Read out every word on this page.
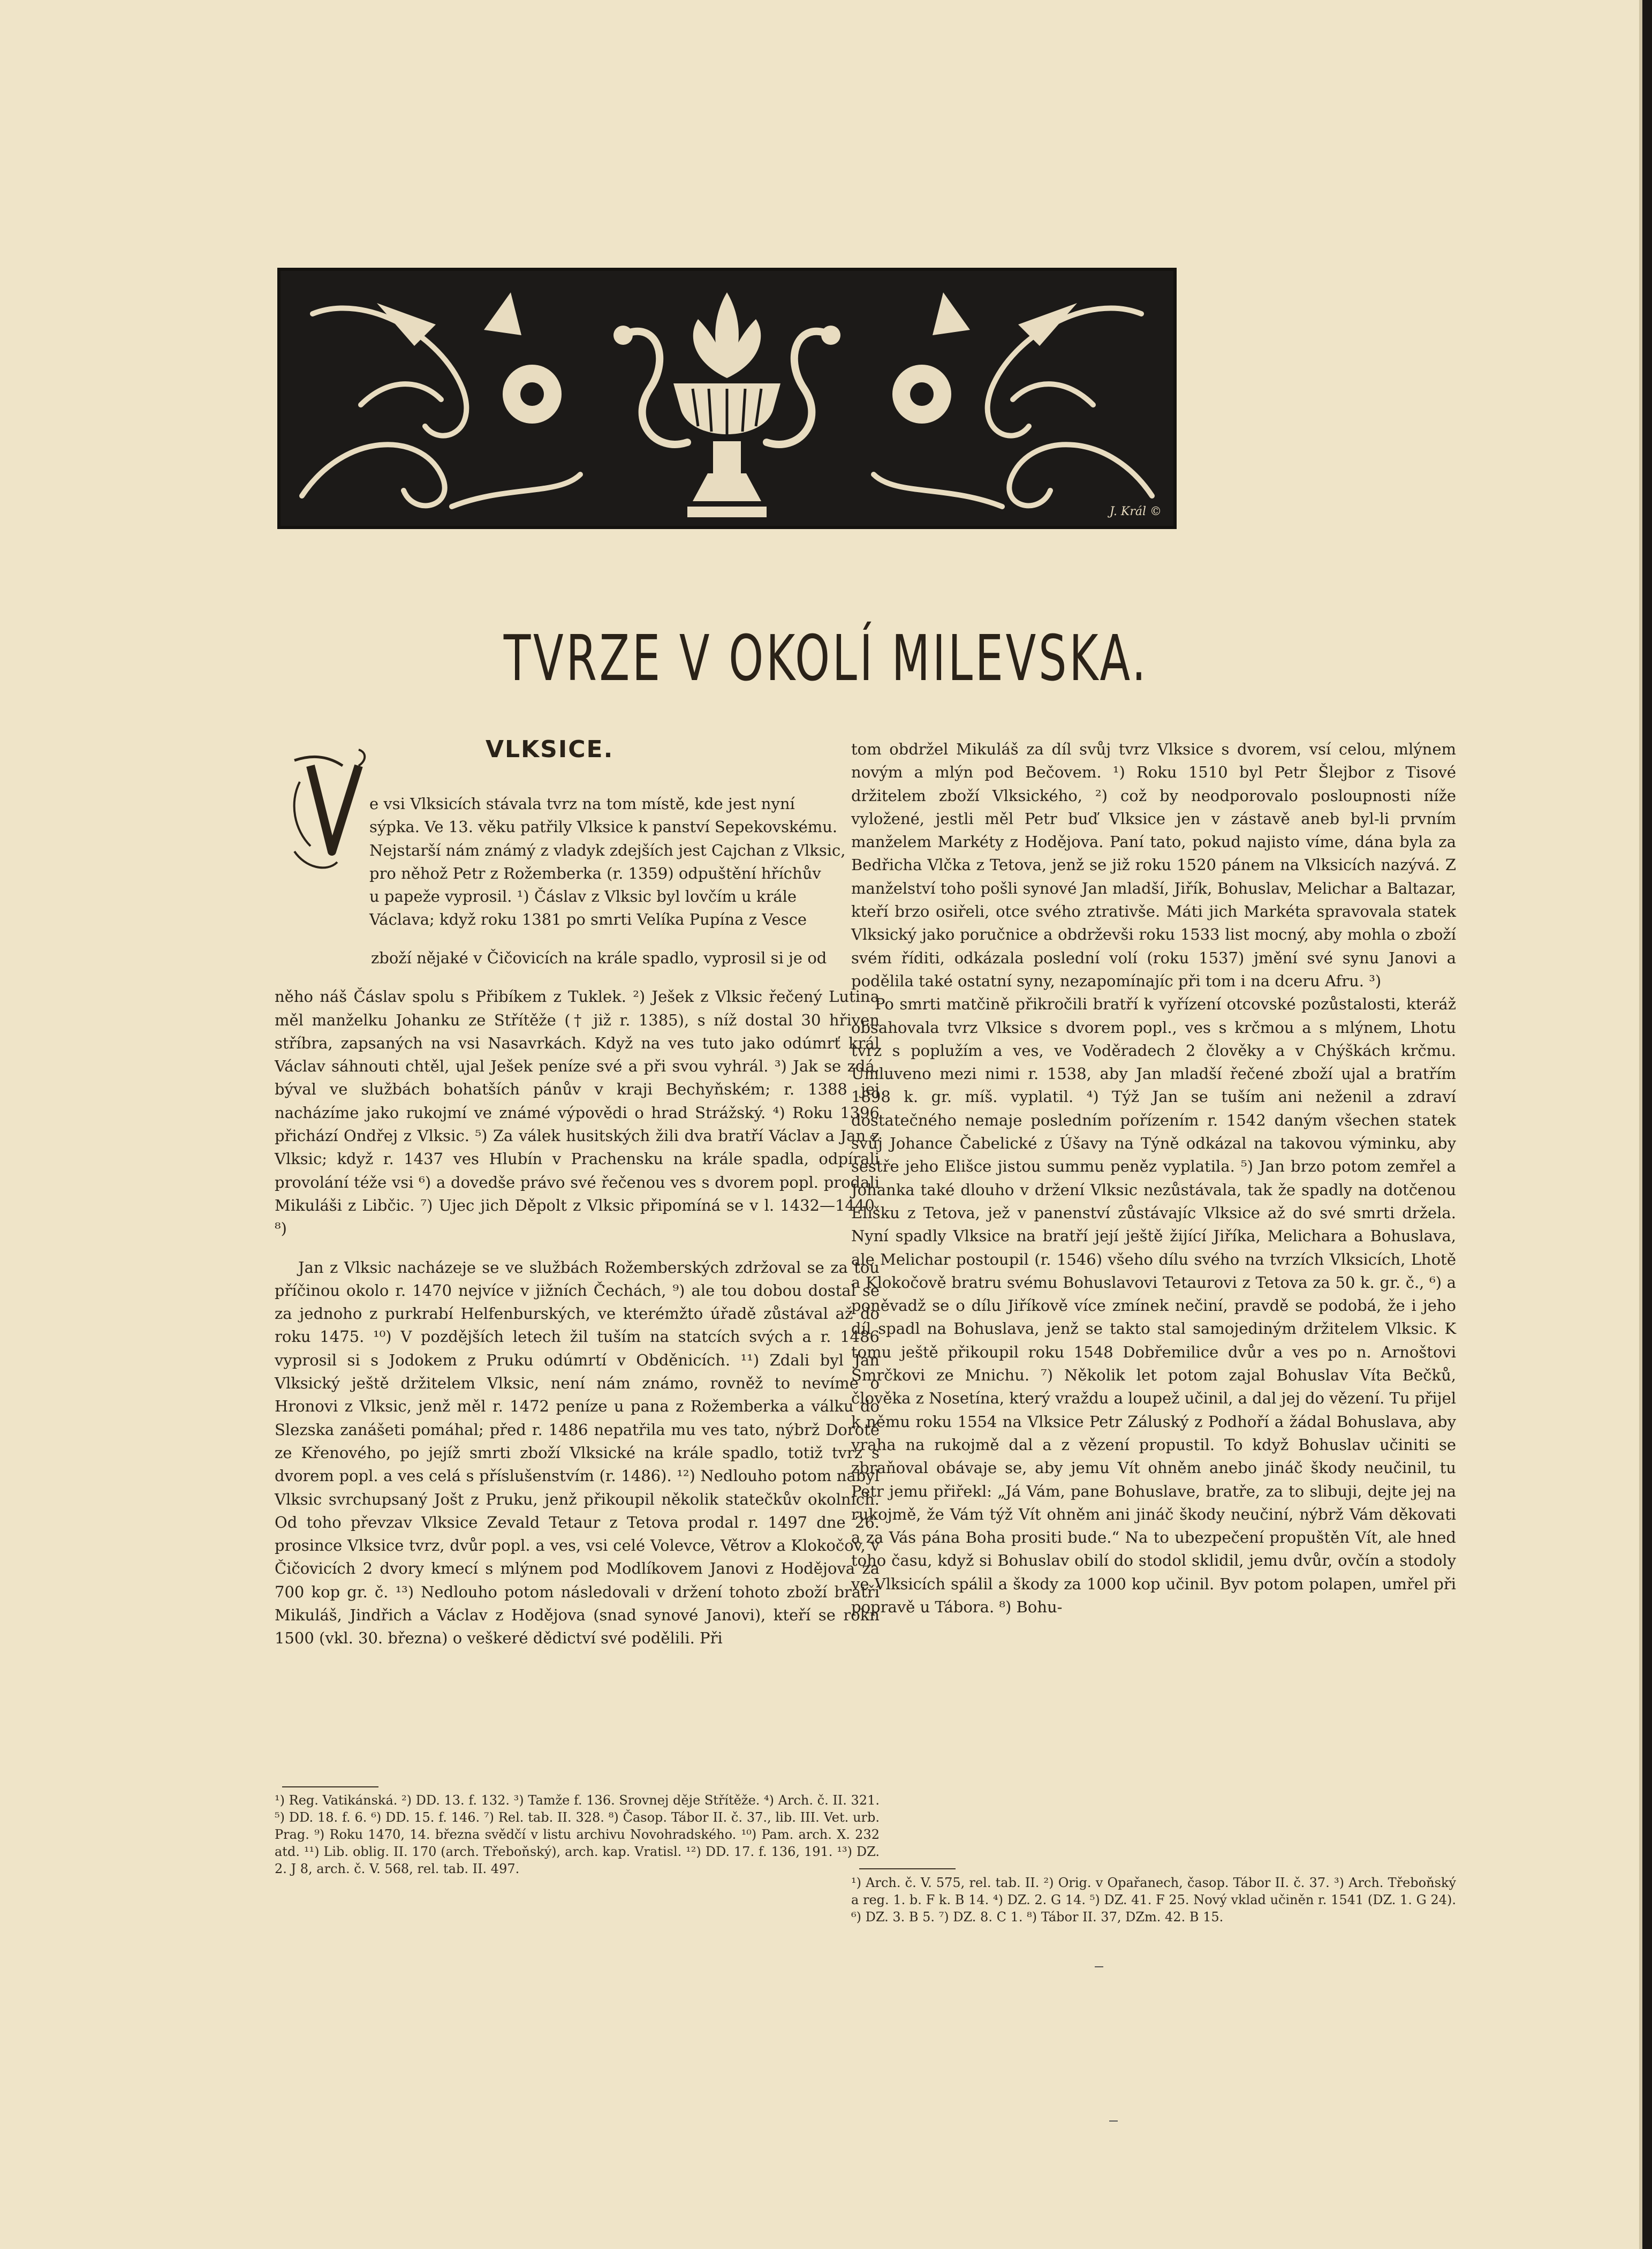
J. Král ©
TVRZE V OKOLÍ MILEVSKA.
VLKSICE.
e vsi Vlksicích stávala tvrz na tom místě, kde jest nyní
sýpka. Ve 13. věku patřily Vlksice k panství Sepekovskému.
Nejstarší nám známý z vladyk zdejších jest Cajchan z Vlksic,
pro něhož Petr z Rožemberka (r. 1359) odpuštění hříchův
u papeže vyprosil. ¹) Čáslav z Vlksic byl lovčím u krále
Václava; když roku 1381 po smrti Velíka Pupína z Vesce

zboží nějaké v Čičovicích na krále spadlo, vyprosil si je od

něho náš Čáslav spolu s Přibíkem z Tuklek. ²) Ješek z Vlksic řečený Lutina měl manželku Johanku ze Střítěže († již r. 1385), s níž dostal 30 hřiven stříbra, zapsaných na vsi Nasavrkách. Když na ves tuto jako odúmrť král Václav sáhnouti chtěl, ujal Ješek peníze své a při svou vyhrál. ³) Jak se zdá, býval ve službách bohatších pánův v kraji Bechyňském; r. 1388 jej nacházíme jako rukojmí ve známé výpovědi o hrad Strážský. ⁴) Roku 1396 přichází Ondřej z Vlksic. ⁵) Za válek husitských žili dva bratří Václav a Jan z Vlksic; když r. 1437 ves Hlubín v Prachensku na krále spadla, odpírali provolání téže vsi ⁶) a dovedše právo své řečenou ves s dvorem popl. prodali Mikuláši z Libčic. ⁷) Ujec jich Děpolt z Vlksic připomíná se v l. 1432—1440. ⁸)

Jan z Vlksic nacházeje se ve službách Rožemberských zdržoval se za tou příčinou okolo r. 1470 nejvíce v jižních Čechách, ⁹) ale tou dobou dostal se za jednoho z purkrabí Helfenburských, ve kterémžto úřadě zůstával až do roku 1475. ¹⁰) V pozdějších letech žil tuším na statcích svých a r. 1486 vyprosil si s Jodokem z Pruku odúmrtí v Obděnicích. ¹¹) Zdali byl Jan Vlksický ještě držitelem Vlksic, není nám známo, rovněž to nevíme o Hronovi z Vlksic, jenž měl r. 1472 peníze u pana z Rožemberka a válku do Slezska zanášeti pomáhal; před r. 1486 nepatřila mu ves tato, nýbrž Dorotě ze Křenového, po jejíž smrti zboží Vlksické na krále spadlo, totiž tvrz s dvorem popl. a ves celá s příslušenstvím (r. 1486). ¹²) Nedlouho potom nabyl Vlksic svrchupsaný Jošt z Pruku, jenž přikoupil několik statečkův okolních. Od toho převzav Vlksice Zevald Tetaur z Tetova prodal r. 1497 dne 26. prosince Vlksice tvrz, dvůr popl. a ves, vsi celé Volevce, Větrov a Klokočov, v Čičovicích 2 dvory kmecí s mlýnem pod Modlíkovem Janovi z Hodějova za 700 kop gr. č. ¹³) Nedlouho potom následovali v držení tohoto zboží bratří Mikuláš, Jindřich a Václav z Hodějova (snad synové Janovi), kteří se rokn 1500 (vkl. 30. března) o veškeré dědictví své podělili. Při

¹) Reg. Vatikánská. ²) DD. 13. f. 132. ³) Tamže f. 136. Srovnej děje Střítěže. ⁴) Arch. č. II. 321. ⁵) DD. 18. f. 6. ⁶) DD. 15. f. 146. ⁷) Rel. tab. II. 328. ⁸) Časop. Tábor II. č. 37., lib. III. Vet. urb. Prag. ⁹) Roku 1470, 14. března svědčí v listu archivu Novohradského. ¹⁰) Pam. arch. X. 232 atd. ¹¹) Lib. oblig. II. 170 (arch. Třeboňský), arch. kap. Vratisl. ¹²) DD. 17. f. 136, 191. ¹³) DZ. 2. J 8, arch. č. V. 568, rel. tab. II. 497.

tom obdržel Mikuláš za díl svůj tvrz Vlksice s dvorem, vsí celou, mlýnem novým a mlýn pod Bečovem. ¹) Roku 1510 byl Petr Šlejbor z Tisové držitelem zboží Vlksického, ²) což by neodporovalo posloupnosti níže vyložené, jestli měl Petr buď Vlksice jen v zástavě aneb byl-li prvním manželem Markéty z Hodějova. Paní tato, pokud najisto víme, dána byla za Bedřicha Vlčka z Tetova, jenž se již roku 1520 pánem na Vlksicích nazývá. Z manželství toho pošli synové Jan mladší, Jiřík, Bohuslav, Melichar a Baltazar, kteří brzo osiřeli, otce svého ztrativše. Máti jich Markéta spravovala statek Vlksický jako poručnice a obdrževši roku 1533 list mocný, aby mohla o zboží svém říditi, odkázala poslední volí (roku 1537) jmění své synu Janovi a podělila také ostatní syny, nezapomínajíc při tom i na dceru Afru. ³)

Po smrti matčině přikročili bratří k vyřízení otcovské pozůstalosti, kteráž obsahovala tvrz Vlksice s dvorem popl., ves s krčmou a s mlýnem, Lhotu tvrz s poplužím a ves, ve Voděradech 2 člověky a v Chýškách krčmu. Umluveno mezi nimi r. 1538, aby Jan mladší řečené zboží ujal a bratřím 1898 k. gr. míš. vyplatil. ⁴) Týž Jan se tuším ani neženil a zdraví dostatečného nemaje posledním pořízením r. 1542 daným všechen statek svůj Johance Čabelické z Úšavy na Týně odkázal na takovou výminku, aby sestře jeho Elišce jistou summu peněz vyplatila. ⁵) Jan brzo potom zemřel a Johanka také dlouho v držení Vlksic nezůstávala, tak že spadly na dotčenou Elišku z Tetova, jež v panenství zůstávajíc Vlksice až do své smrti držela. Nyní spadly Vlksice na bratří její ještě žijící Jiříka, Melichara a Bohuslava, ale Melichar postoupil (r. 1546) všeho dílu svého na tvrzích Vlksicích, Lhotě a Klokočově bratru svému Bohuslavovi Tetaurovi z Tetova za 50 k. gr. č., ⁶) a poněvadž se o dílu Jiříkově více zmínek nečiní, pravdě se podobá, že i jeho díl spadl na Bohuslava, jenž se takto stal samojediným držitelem Vlksic. K tomu ještě přikoupil roku 1548 Dobřemilice dvůr a ves po n. Arnoštovi Smrčkovi ze Mnichu. ⁷) Několik let potom zajal Bohuslav Víta Bečků, člověka z Nosetína, který vraždu a loupež učinil, a dal jej do vězení. Tu přijel k němu roku 1554 na Vlksice Petr Záluský z Podhoří a žádal Bohuslava, aby vraha na rukojmě dal a z vězení propustil. To když Bohuslav učiniti se zbraňoval obávaje se, aby jemu Vít ohněm anebo jináč škody neučinil, tu Petr jemu přiřekl: „Já Vám, pane Bohuslave, bratře, za to slibuji, dejte jej na rukojmě, že Vám týž Vít ohněm ani jináč škody neučiní, nýbrž Vám děkovati a za Vás pána Boha prositi bude.“ Na to ubezpečení propuštěn Vít, ale hned toho času, když si Bohuslav obilí do stodol sklidil, jemu dvůr, ovčín a stodoly ve Vlksicích spálil a škody za 1000 kop učinil. Byv potom polapen, umřel při popravě u Tábora. ⁸) Bohu-

¹) Arch. č. V. 575, rel. tab. II. ²) Orig. v Opařanech, časop. Tábor II. č. 37. ³) Arch. Třeboňský a reg. 1. b. F k. B 14. ⁴) DZ. 2. G 14. ⁵) DZ. 41. F 25. Nový vklad učiněn r. 1541 (DZ. 1. G 24). ⁶) DZ. 3. B 5. ⁷) DZ. 8. C 1. ⁸) Tábor II. 37, DZm. 42. B 15.
